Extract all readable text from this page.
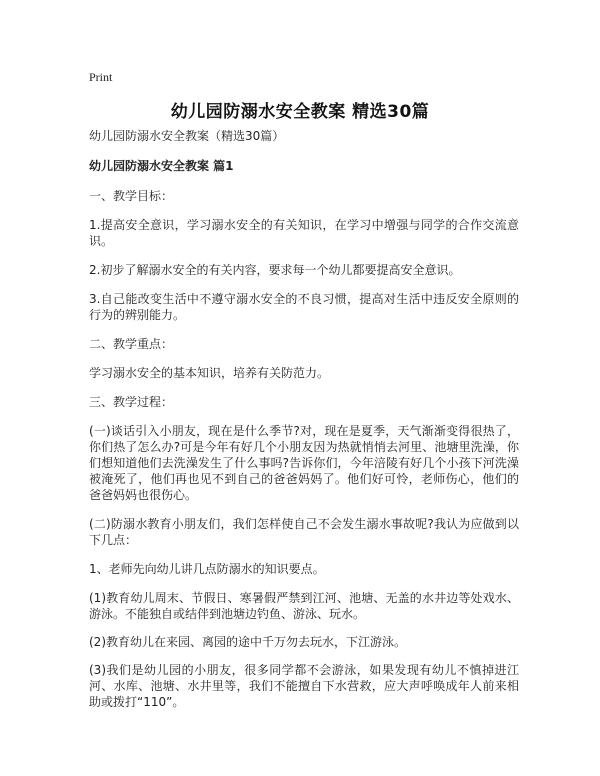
Print
幼儿园防溺水安全教案 精选30篇

幼儿园防溺水安全教案（精选30篇）

幼儿园防溺水安全教案 篇1

一、教学目标：

1.提高安全意识，学习溺水安全的有关知识，在学习中增强与同学的合作交流意识。

2.初步了解溺水安全的有关内容，要求每一个幼儿都要提高安全意识。

3.自己能改变生活中不遵守溺水安全的不良习惯，提高对生活中违反安全原则的行为的辨别能力。

二、教学重点：

学习溺水安全的基本知识，培养有关防范力。

三、教学过程：

(一)谈话引入小朋友，现在是什么季节?对，现在是夏季，天气渐渐变得很热了，你们热了怎么办?可是今年有好几个小朋友因为热就悄悄去河里、池塘里洗澡，你们想知道他们去洗澡发生了什么事吗?告诉你们，今年涪陵有好几个小孩下河洗澡被淹死了，他们再也见不到自己的爸爸妈妈了。他们好可怜，老师伤心，他们的爸爸妈妈也很伤心。

(二)防溺水教育小朋友们，我们怎样使自己不会发生溺水事故呢?我认为应做到以下几点：

1、老师先向幼儿讲几点防溺水的知识要点。

(1)教育幼儿周末、节假日、寒暑假严禁到江河、池塘、无盖的水井边等处戏水、游泳。不能独自或结伴到池塘边钓鱼、游泳、玩水。

(2)教育幼儿在来园、离园的途中千万勿去玩水，下江游泳。

(3)我们是幼儿园的小朋友，很多同学都不会游泳，如果发现有幼儿不慎掉进江河、水库、池塘、水井里等，我们不能擅自下水营救，应大声呼唤成年人前来相助或拨打“110”。
